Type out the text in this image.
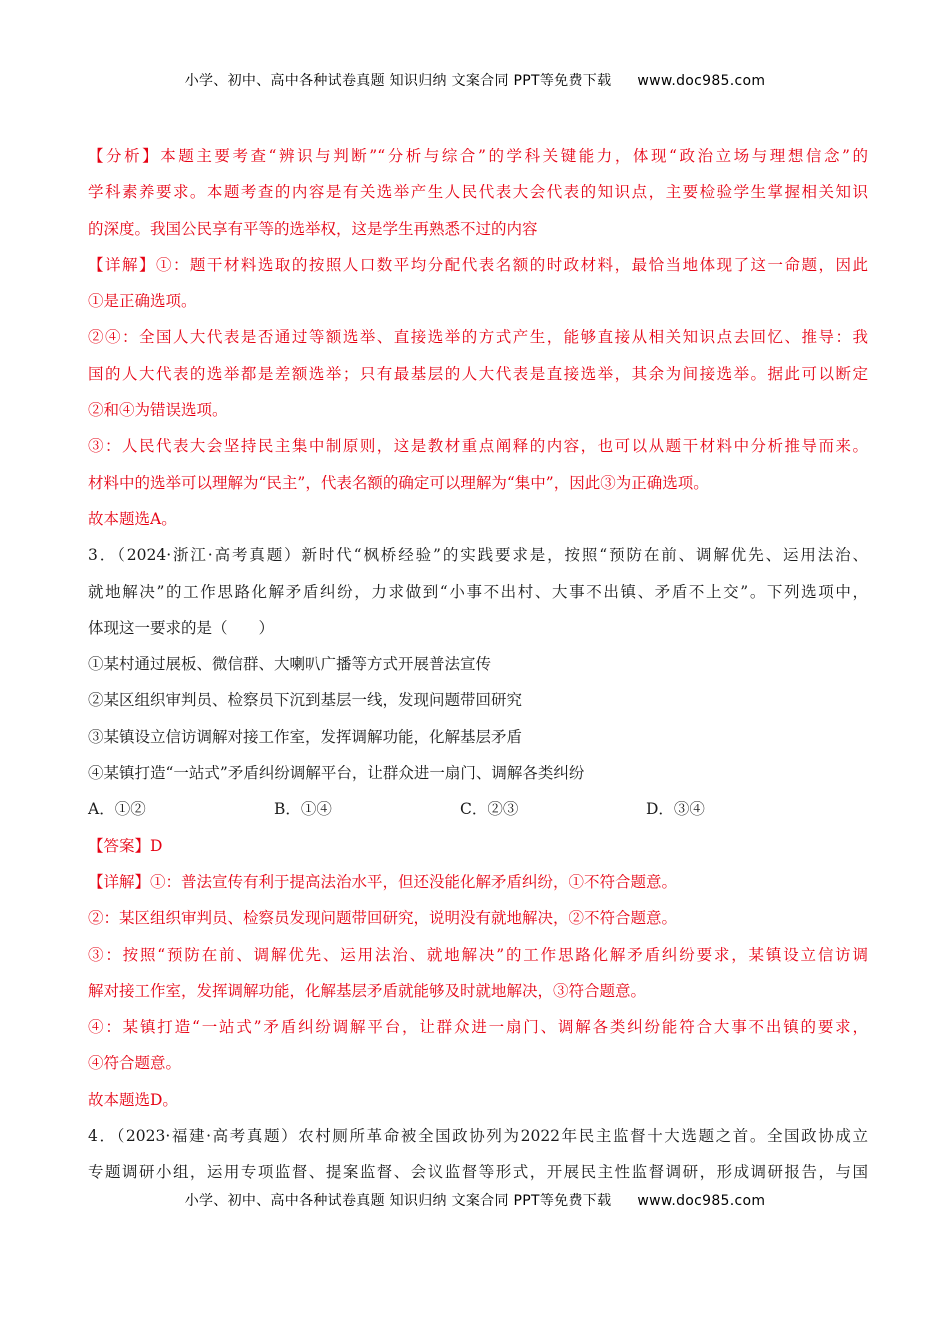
小学、初中、高中各种试卷真题 知识归纳 文案合同 PPT等免费下载 www.doc985.com
【分析】本题主要考查“辨识与判断”“分析与综合”的学科关键能力，体现“政治立场与理想信念”的
学科素养要求。本题考查的内容是有关选举产生人民代表大会代表的知识点，主要检验学生掌握相关知识
的深度。我国公民享有平等的选举权，这是学生再熟悉不过的内容
【详解】①：题干材料选取的按照人口数平均分配代表名额的时政材料，最恰当地体现了这一命题，因此
①是正确选项。
②④：全国人大代表是否通过等额选举、直接选举的方式产生，能够直接从相关知识点去回忆、推导：我
国的人大代表的选举都是差额选举；只有最基层的人大代表是直接选举，其余为间接选举。据此可以断定
②和④为错误选项。
③：人民代表大会坚持民主集中制原则，这是教材重点阐释的内容，也可以从题干材料中分析推导而来。
材料中的选举可以理解为“民主”，代表名额的确定可以理解为“集中”，因此③为正确选项。
故本题选A。
3．（2024·浙江·高考真题）新时代“枫桥经验”的实践要求是，按照“预防在前、调解优先、运用法治、
就地解决”的工作思路化解矛盾纠纷，力求做到“小事不出村、大事不出镇、矛盾不上交”。下列选项中，
体现这一要求的是（　　）
①某村通过展板、微信群、大喇叭广播等方式开展普法宣传
②某区组织审判员、检察员下沉到基层一线，发现问题带回研究
③某镇设立信访调解对接工作室，发挥调解功能，化解基层矛盾
④某镇打造“一站式”矛盾纠纷调解平台，让群众进一扇门、调解各类纠纷
A．①②	B．①④	C．②③	D．③④
【答案】D
【详解】①：普法宣传有利于提高法治水平，但还没能化解矛盾纠纷，①不符合题意。
②：某区组织审判员、检察员发现问题带回研究，说明没有就地解决，②不符合题意。
③：按照“预防在前、调解优先、运用法治、就地解决”的工作思路化解矛盾纠纷要求，某镇设立信访调
解对接工作室，发挥调解功能，化解基层矛盾就能够及时就地解决，③符合题意。
④：某镇打造“一站式”矛盾纠纷调解平台，让群众进一扇门、调解各类纠纷能符合大事不出镇的要求，
④符合题意。
故本题选D。
4．（2023·福建·高考真题）农村厕所革命被全国政协列为2022年民主监督十大选题之首。全国政协成立
专题调研小组，运用专项监督、提案监督、会议监督等形式，开展民主性监督调研，形成调研报告，与国
小学、初中、高中各种试卷真题 知识归纳 文案合同 PPT等免费下载 www.doc985.com
